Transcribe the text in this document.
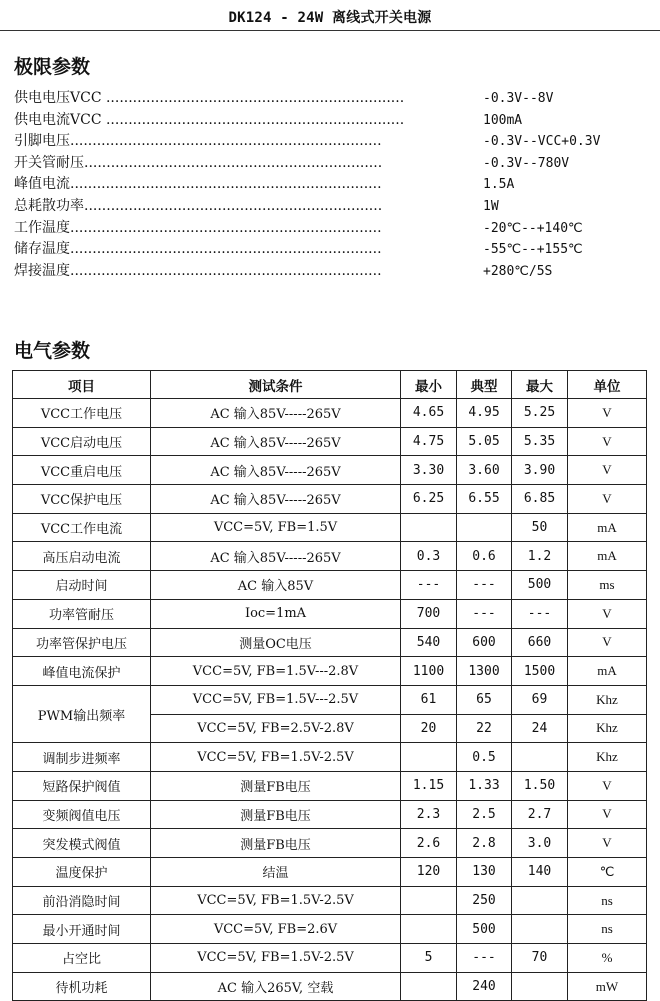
DK124 - 24W 离线式开关电源
极限参数
供电电压VCC ...................................................................	-0.3V--8V
供电电流VCC ...................................................................	100mA
引脚电压......................................................................	-0.3V--VCC+0.3V
开关管耐压...................................................................	-0.3V--780V
峰值电流......................................................................	1.5A
总耗散功率...................................................................	1W
工作温度......................................................................	-20℃--+140℃
储存温度......................................................................	-55℃--+155℃
焊接温度......................................................................	+280℃/5S
电气参数
项目	测试条件	最小	典型	最大	单位
VCC工作电压	AC 输入85V-----265V	4.65	4.95	5.25	V
VCC启动电压	AC 输入85V-----265V	4.75	5.05	5.35	V
VCC重启电压	AC 输入85V-----265V	3.30	3.60	3.90	V
VCC保护电压	AC 输入85V-----265V	6.25	6.55	6.85	V
VCC工作电流	VCC=5V, FB=1.5V			50	mA
高压启动电流	AC 输入85V-----265V	0.3	0.6	1.2	mA
启动时间	AC 输入85V	---	---	500	ms
功率管耐压	Ioc=1mA	700	---	---	V
功率管保护电压	测量OC电压	540	600	660	V
峰值电流保护	VCC=5V, FB=1.5V---2.8V	1100	1300	1500	mA
PWM输出频率	VCC=5V, FB=1.5V---2.5V	61	65	69	Khz
	VCC=5V, FB=2.5V-2.8V	20	22	24	Khz
调制步进频率	VCC=5V, FB=1.5V-2.5V		0.5		Khz
短路保护阀值	测量FB电压	1.15	1.33	1.50	V
变频阀值电压	测量FB电压	2.3	2.5	2.7	V
突发模式阀值	测量FB电压	2.6	2.8	3.0	V
温度保护	结温	120	130	140	℃
前沿消隐时间	VCC=5V, FB=1.5V-2.5V		250		ns
最小开通时间	VCC=5V, FB=2.6V		500		ns
占空比	VCC=5V, FB=1.5V-2.5V	5	---	70	%
待机功耗	AC 输入265V, 空载		240		mW
